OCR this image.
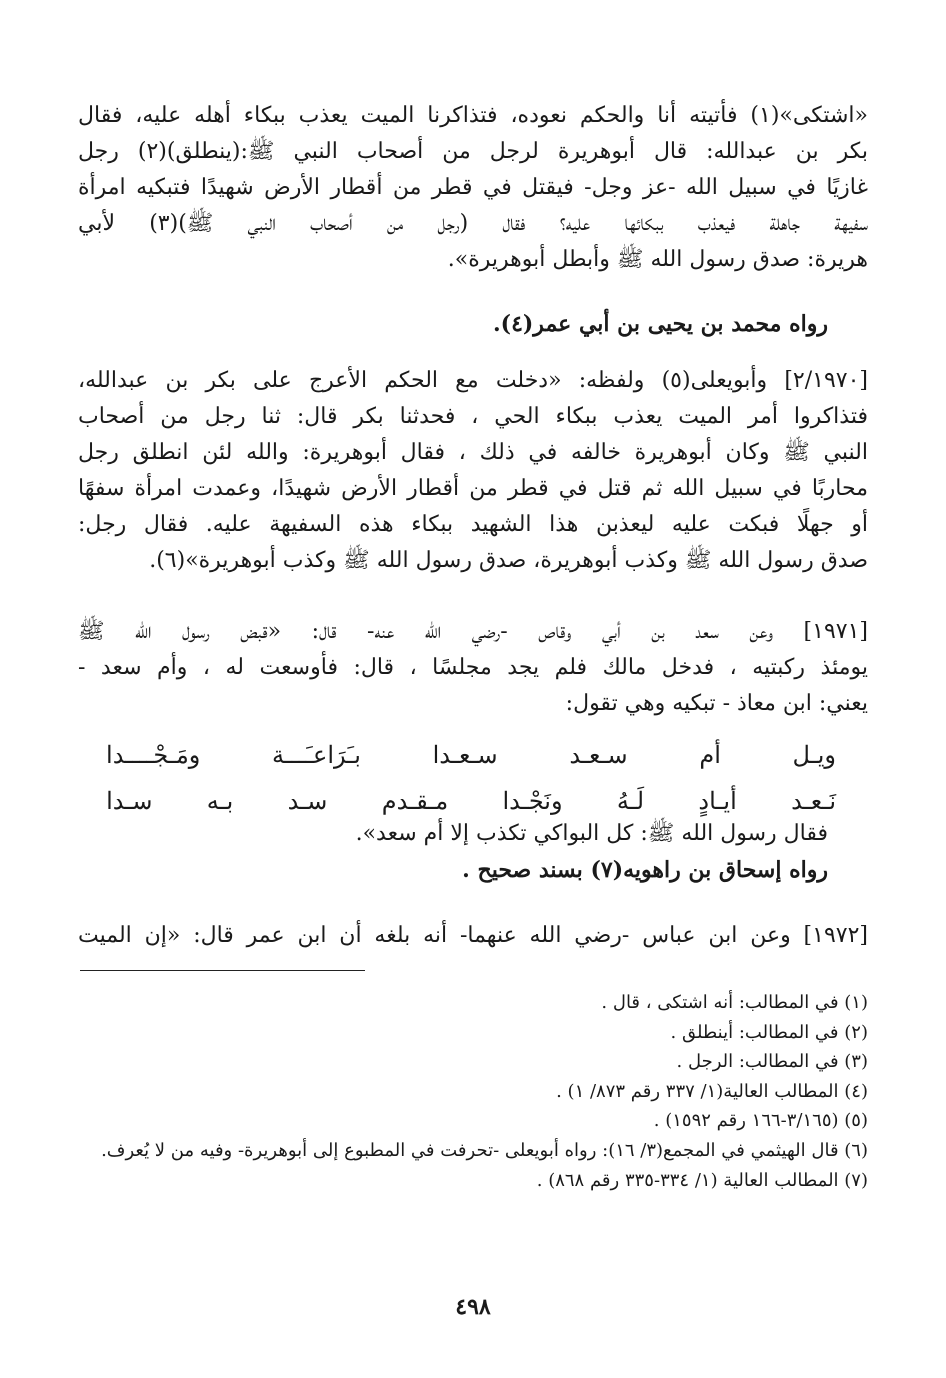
«اشتكى»(١) فأتيته أنا والحكم نعوده، فتذاكرنا الميت يعذب ببكاء أهله عليه، فقال
بكر بن عبدالله: قال أبوهريرة لرجل من أصحاب النبي ﷺ:(ينطلق)(٢) رجل
غازيًا في سبيل الله -عز وجل- فيقتل في قطر من أقطار الأرض شهيدًا فتبكيه امرأة
سفيهة جاهلة فيعذب ببكائها عليه؟ فقال (رجل من أصحاب النبي ﷺ)(٣) لأبي
هريرة: صدق رسول الله ﷺ وأبطل أبوهريرة».
رواه محمد بن يحيى بن أبي عمر(٤).
[٢/١٩٧٠] وأبويعلى(٥) ولفظه: «دخلت مع الحكم الأعرج على بكر بن عبدالله،
فتذاكروا أمر الميت يعذب ببكاء الحي ، فحدثنا بكر قال: ثنا رجل من أصحاب
النبي ﷺ وكان أبوهريرة خالفه في ذلك ، فقال أبوهريرة: والله لئن انطلق رجل
محاربًا في سبيل الله ثم قتل في قطر من أقطار الأرض شهيدًا، وعمدت امرأة سفهًا
أو جهلًا فبكت عليه ليعذبن هذا الشهيد ببكاء هذه السفيهة عليه. فقال رجل:
صدق رسول الله ﷺ وكذب أبوهريرة، صدق رسول الله ﷺ وكذب أبوهريرة»(٦).
[١٩٧١] وعن سعد بن أبي وقاص -رضي الله عنه- قال: «قبض رسول الله ﷺ
يومئذ ركبتيه ، فدخل مالك فلم يجد مجلسًا ، قال: فأوسعت له ، وأم سعد -
يعني: ابن معاذ - تبكيه وهي تقول:
ويـل
أم
سـعـد
سـعـدا
بـَرَاعـَـــة
ومَـجْــــدا
نَـعـد
أيـادٍ
لَـهُ
ونَجْـدا
مـقـدم
سـد
بـه
سـدا
فقال رسول الله ﷺ: كل البواكي تكذب إلا أم سعد».
رواه إسحاق بن راهويه(٧) بسند صحيح .
[١٩٧٢] وعن ابن عباس -رضي الله عنهما- أنه بلغه أن ابن عمر قال: «إن الميت
(١) في المطالب: أنه اشتكى ، قال .
(٢) في المطالب: أينطلق .
(٣) في المطالب: الرجل .
(٤) المطالب العالية(١/ ٣٣٧ رقم ٨٧٣/ ١) .
(٥) (٣/١٦٥-١٦٦ رقم ١٥٩٢) .
(٦) قال الهيثمي في المجمع(٣/ ١٦): رواه أبويعلى -تحرفت في المطبوع إلى أبوهريرة- وفيه من لا يُعرف.
(٧) المطالب العالية (١/ ٣٣٤-٣٣٥ رقم ٨٦٨) .
٤٩٨
